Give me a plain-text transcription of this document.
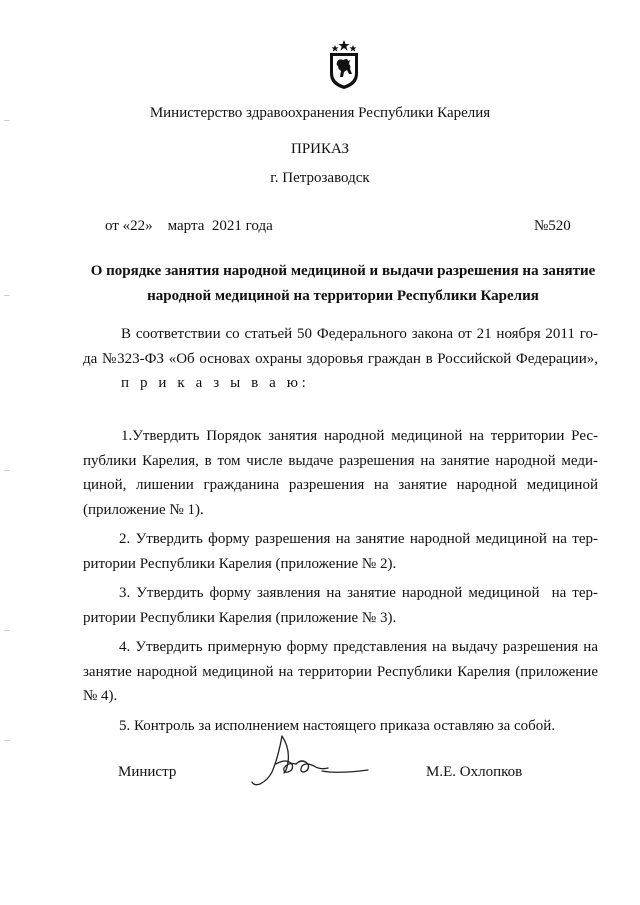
Министерство здравоохранения Республики Карелия
ПРИКАЗ
г. Петрозаводск
от «22»    марта  2021 года	№520
О порядке занятия народной медициной и выдачи разрешения на занятие
народной медициной на территории Республики Карелия
В соответствии со статьей 50 Федерального закона от 21 ноября 2011 го-
да №323-ФЗ «Об основах охраны здоровья граждан в Российской Федерации»,
п р и к а з ы в а ю:
1.Утвердить Порядок занятия народной медициной на территории Рес-
публики Карелия, в том числе выдаче разрешения на занятие народной меди-
циной, лишении гражданина разрешения на занятие народной медициной
(приложение № 1).
2. Утвердить форму разрешения на занятие народной медициной на тер-
ритории Республики Карелия (приложение № 2).
3. Утвердить форму заявления на занятие народной медициной  на тер-
ритории Республики Карелия (приложение № 3).
4. Утвердить примерную форму представления на выдачу разрешения на
занятие народной медициной на территории Республики Карелия (приложение
№ 4).
5. Контроль за исполнением настоящего приказа оставляю за собой.
Министр	М.Е. Охлопков
